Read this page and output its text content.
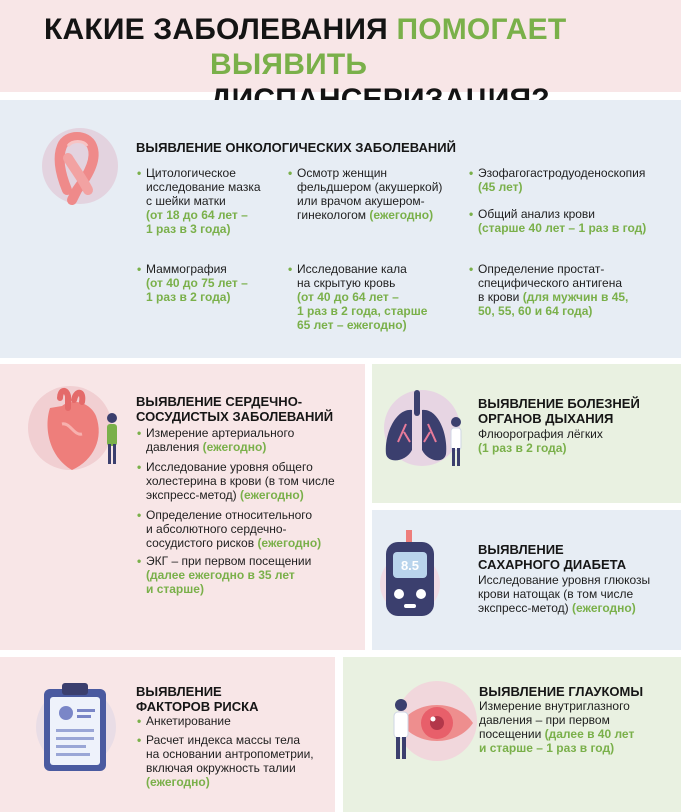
КАКИЕ ЗАБОЛЕВАНИЯ ПОМОГАЕТ
ВЫЯВИТЬ
ВЫЯВЛЕНИЕ ОНКОЛОГИЧЕСКИХ ЗАБОЛЕВАНИЙ
• Цитологическое
исследование мазка
с шейки матки
(от 18 до 64 лет –
1 раз в 3 года)
• Осмотр женщин
фельдшером (акушеркой)
или врачом акушером-
гинекологом (ежегодно)
• Эзофагогастродуоденоскопия
(45 лет)
• Общий анализ крови
(старше 40 лет – 1 раз в год)
• Маммография
(от 40 до 75 лет –
1 раз в 2 года)
• Исследование кала
на скрытую кровь
(от 40 до 64 лет –
1 раз в 2 года, старше
65 лет – ежегодно)
• Определение простат-
специфического антигена
в крови (для мужчин в 45,
50, 55, 60 и 64 года)
ВЫЯВЛЕНИЕ СЕРДЕЧНО-
СОСУДИСТЫХ ЗАБОЛЕВАНИЙ
• Измерение артериального
давления (ежегодно)
• Исследование уровня общего
холестерина в крови (в том числе
экспресс-метод) (ежегодно)
• Определение относительного
и абсолютного сердечно-
сосудистого рисков (ежегодно)
• ЭКГ – при первом посещении
(далее ежегодно в 35 лет
и старше)
ВЫЯВЛЕНИЕ БОЛЕЗНЕЙ
ОРГАНОВ ДЫХАНИЯ
Флюорография лёгких
(1 раз в 2 года)
8.5
ВЫЯВЛЕНИЕ
САХАРНОГО ДИАБЕТА
Исследование уровня глюкозы
крови натощак (в том числе
экспресс-метод) (ежегодно)
ВЫЯВЛЕНИЕ
ФАКТОРОВ РИСКА
• Анкетирование
• Расчет индекса массы тела
на основании антропометрии,
включая окружность талии
(ежегодно)
ВЫЯВЛЕНИЕ ГЛАУКОМЫ
Измерение внутриглазного
давления – при первом
посещении (далее в 40 лет
и старше – 1 раз в год)
